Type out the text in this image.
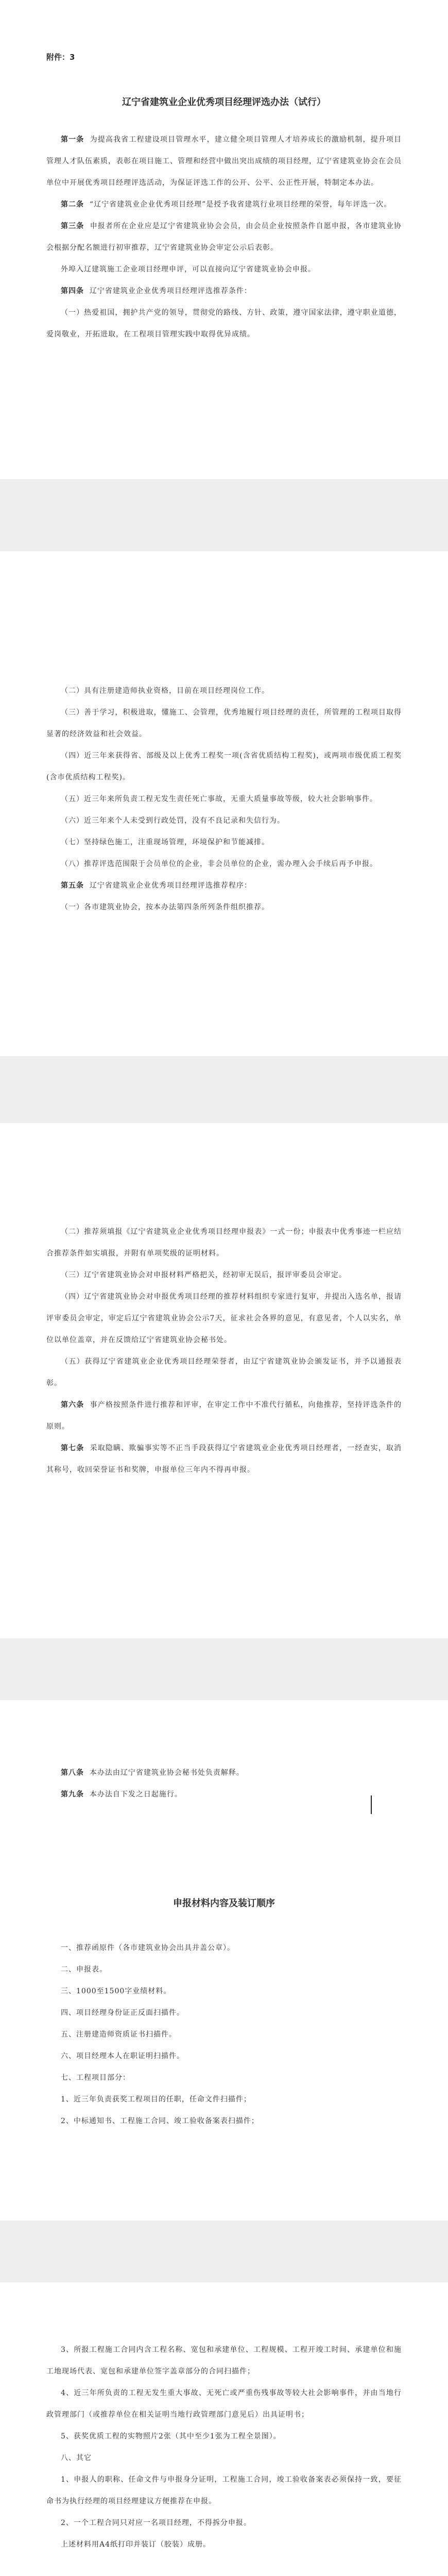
附件：3

辽宁省建筑业企业优秀项目经理评选办法（试行）

第一条 为提高我省工程建设项目管理水平，建立健全项目管理人才培养成长的激励机制，提升项目管理人才队伍素质，表彰在项目施工、管理和经营中做出突出成绩的项目经理，辽宁省建筑业协会在会员单位中开展优秀项目经理评选活动，为保证评选工作的公开、公平、公正性开展，特制定本办法。

第二条 “辽宁省建筑业企业优秀项目经理”是授予我省建筑行业项目经理的荣誉，每年评选一次。

第三条 申报者所在企业应是辽宁省建筑业协会会员，由会员企业按照条件自愿申报，各市建筑业协会根据分配名额进行初审推荐，辽宁省建筑业协会审定公示后表彰。

外埠入辽建筑施工企业项目经理申评，可以直接向辽宁省建筑业协会申报。

第四条 辽宁省建筑业企业优秀项目经理评选推荐条件：

（一）热爱祖国，拥护共产党的领导，贯彻党的路线、方针、政策，遵守国家法律，遵守职业道德，爱岗敬业，开拓进取，在工程项目管理实践中取得优异成绩。

（二）具有注册建造师执业资格，目前在项目经理岗位工作。

（三）善于学习，积极进取，懂施工、会管理，优秀地履行项目经理的责任，所管理的工程项目取得显著的经济效益和社会效益。

（四）近三年来获得省、部级及以上优秀工程奖一项(含省优质结构工程奖)，或两项市级优质工程奖(含市优质结构工程奖)。

（五）近三年来所负责工程无发生责任死亡事故，无重大质量事故等级，较大社会影响事件。

（六）近三年来个人未受到行政处罚，没有不良记录和失信行为。

（七）坚持绿色施工，注重现场管理，环境保护和节能减排。

（八）推荐评选范围限于会员单位的企业，非会员单位的企业，需办理入会手续后再予申报。

第五条 辽宁省建筑业企业优秀项目经理评选推荐程序：

（一）各市建筑业协会，按本办法第四条所列条件组织推荐。

（二）推荐须填报《辽宁省建筑业企业优秀项目经理申报表》一式一份；申报表中优秀事迹一栏应结合推荐条件如实填报，并附有单项奖级的证明材料。

（三）辽宁省建筑业协会对申报材料严格把关，经初审无误后，报评审委员会审定。

（四）辽宁省建筑业协会对申报优秀项目经理的推荐材料组织专家进行复审，并提出入选名单，报请评审委员会审定，审定后辽宁省建筑业协会公示7天，征求社会各界的意见，有意见者，个人以实名，单位以单位盖章，并在反馈给辽宁省建筑业协会秘书处。

（五）获得辽宁省建筑业企业优秀项目经理荣誉者，由辽宁省建筑业协会颁发证书，并予以通报表彰。

第六条 事产格按照条件进行推荐和评审，在审定工作中不准代行循私，向他推荐，坚持评选条件的原则。

第七条 采取隐瞒、欺骗事实等不正当手段获得辽宁省建筑业企业优秀项目经理者，一经查实，取消其称号，收回荣誉证书和奖牌，申报单位三年内不得再申报。

第八条 本办法由辽宁省建筑业协会秘书处负责解释。

第九条 本办法自下发之日起施行。

申报材料内容及装订顺序

一、推荐函原件（各市建筑业协会出具并盖公章）。

二、申报表。

三、1000至1500字业绩材料。

四、项目经理身份证正反面扫描件。

五、注册建造师资质证书扫描件。

六、项目经理本人在职证明扫描件。

七、工程项目部分：

1、近三年负责获奖工程项目的任职，任命文件扫描件；

2、中标通知书、工程施工合同、竣工验收备案表扫描件；

3、所报工程施工合同内含工程名称、宽包和承建单位、工程规模、工程开竣工时间、承建单位和施工地现场代表、宽包和承建单位签字盖章部分的合同扫描件；

4、近三年所负责的工程无发生重大事故、无死亡或严重伤残事故等较大社会影响事件，并由当地行政管理部门（或推荐单位在相关证明当地行政管理部门意见后）出具证明书；

5、获奖优质工程的实物照片2张（其中至少1张为工程全景图）。

八、其它

1、申报人的职称、任命文件与申报身分证明，工程施工合同，竣工验收备案表必须保持一致，要征命书为执行经理的项目经理建议方便推荐在申报。

2、一个工程合同只对应一名项目经理，不得拆分申报。

上述材料用A4纸打印并装订（胶装）成册。
